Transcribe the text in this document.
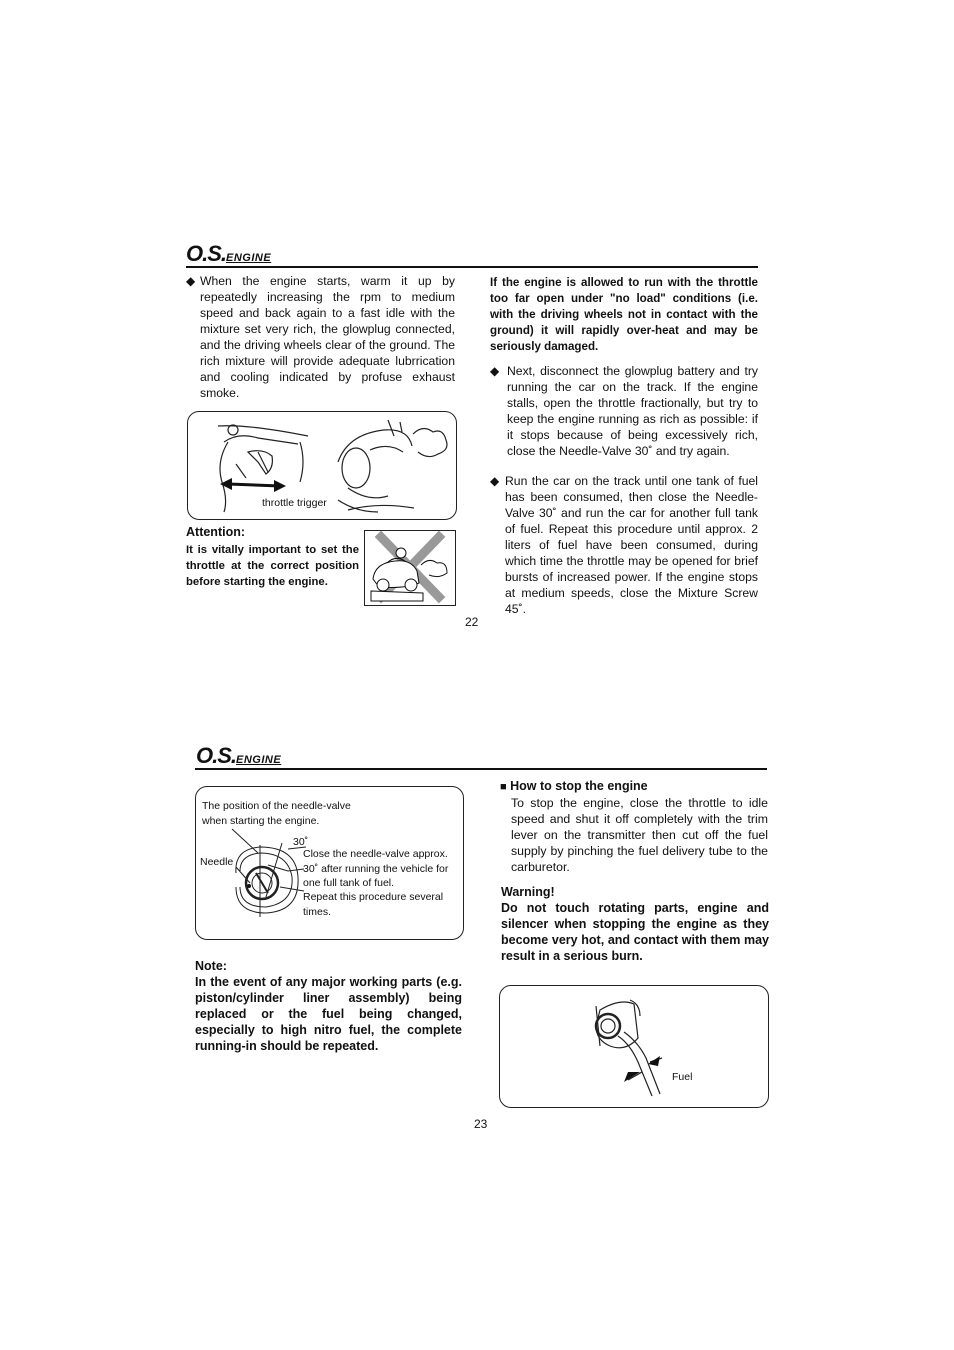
O.S.ENGINE
◆ When the engine starts, warm it up by repeatedly increasing the rpm to medium speed and back again to a fast idle with the mixture set very rich, the glowplug connected, and the driving wheels clear of the ground. The rich mixture will provide adequate lubrrication and cooling indicated by profuse exhaust smoke.
throttle trigger
Attention:
It is vitally important to set the throttle at the correct position before starting the engine.
If the engine is allowed to run with the throttle too far open under "no load" conditions (i.e. with the driving wheels not in contact with the ground) it will rapidly over-heat and may be seriously damaged.
◆ Next, disconnect the glowplug battery and try running the car on the track. If the engine stalls, open the throttle fractionally, but try to keep the engine running as rich as possible: if it stops because of being excessively rich, close the Needle-Valve 30˚ and try again.
◆ Run the car on the track until one tank of fuel has been consumed, then close the Needle-Valve 30˚ and run the car for another full tank of fuel. Repeat this procedure until approx. 2 liters of fuel have been consumed, during which time the throttle may be opened for brief bursts of increased power. If the engine stops at medium speeds, close the Mixture Screw 45˚.
22
O.S.ENGINE
The position of the needle-valve
when starting the engine.
30˚
Needle
Close the needle-valve approx.
30˚ after running the vehicle for
one full tank of fuel.
Repeat this procedure several
times.
Note:
In the event of any major working parts (e.g. piston/cylinder liner assembly) being replaced or the fuel being changed, especially to high nitro fuel, the complete running-in should be repeated.
■ How to stop the engine
To stop the engine, close the throttle to idle speed and shut it off completely with the trim lever on the transmitter then cut off the fuel supply by pinching the fuel delivery tube to the carburetor.
Warning!
Do not touch rotating parts, engine and silencer when stopping the engine as they become very hot, and contact with them may result in a serious burn.
Fuel
23
